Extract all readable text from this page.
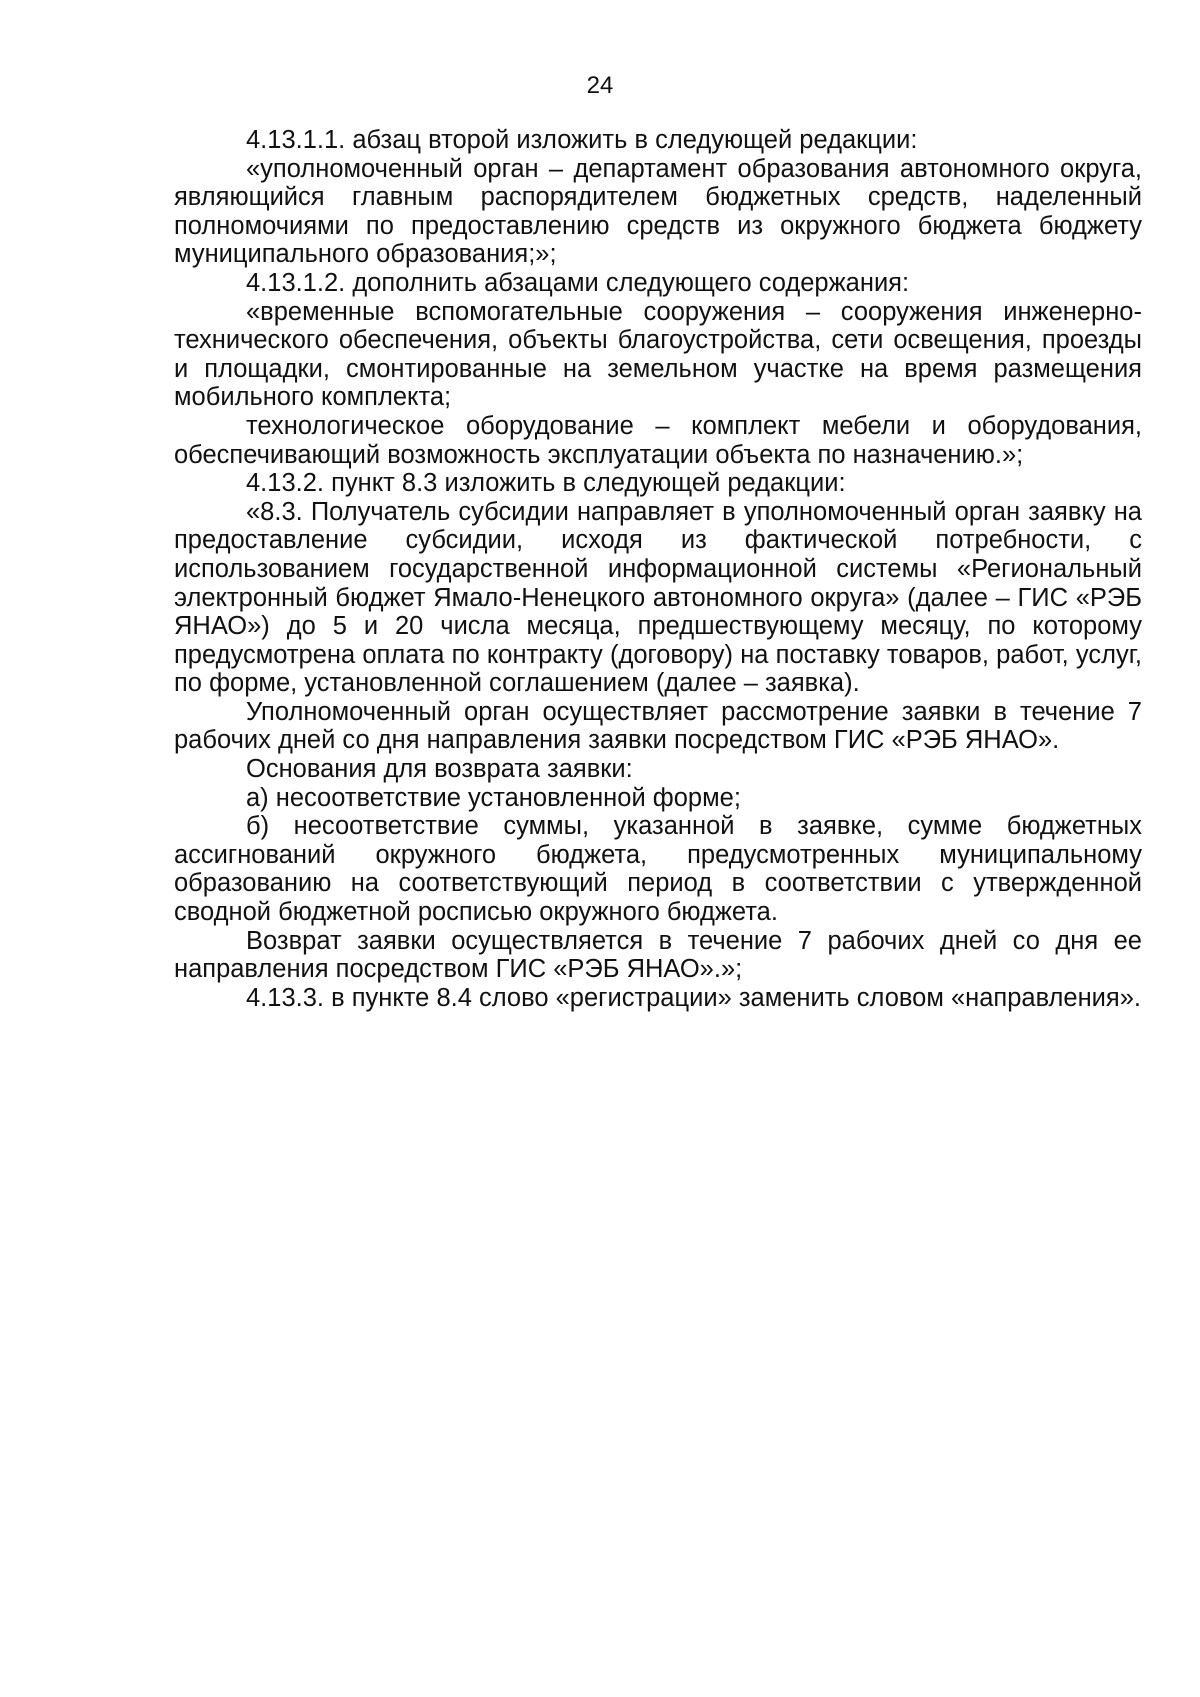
24

4.13.1.1. абзац второй изложить в следующей редакции:

«уполномоченный орган – департамент образования автономного округа, являющийся главным распорядителем бюджетных средств, наделенный полномочиями по предоставлению средств из окружного бюджета бюджету муниципального образования;»;

4.13.1.2. дополнить абзацами следующего содержания:

«временные вспомогательные сооружения – сооружения инженерно-технического обеспечения, объекты благоустройства, сети освещения, проезды и площадки, смонтированные на земельном участке на время размещения мобильного комплекта;

технологическое оборудование – комплект мебели и оборудования, обеспечивающий возможность эксплуатации объекта по назначению.»;

4.13.2. пункт 8.3 изложить в следующей редакции:

«8.3. Получатель субсидии направляет в уполномоченный орган заявку на предоставление субсидии, исходя из фактической потребности, с использованием государственной информационной системы «Региональный электронный бюджет Ямало-Ненецкого автономного округа» (далее – ГИС «РЭБ ЯНАО») до 5 и 20 числа месяца, предшествующему месяцу, по которому предусмотрена оплата по контракту (договору) на поставку товаров, работ, услуг, по форме, установленной соглашением (далее – заявка).

Уполномоченный орган осуществляет рассмотрение заявки в течение 7 рабочих дней со дня направления заявки посредством ГИС «РЭБ ЯНАО».

Основания для возврата заявки:

а) несоответствие установленной форме;

б) несоответствие суммы, указанной в заявке, сумме бюджетных ассигнований окружного бюджета, предусмотренных муниципальному образованию на соответствующий период в соответствии с утвержденной сводной бюджетной росписью окружного бюджета.

Возврат заявки осуществляется в течение 7 рабочих дней со дня ее направления посредством ГИС «РЭБ ЯНАО».»;

4.13.3. в пункте 8.4 слово «регистрации» заменить словом «направления».
